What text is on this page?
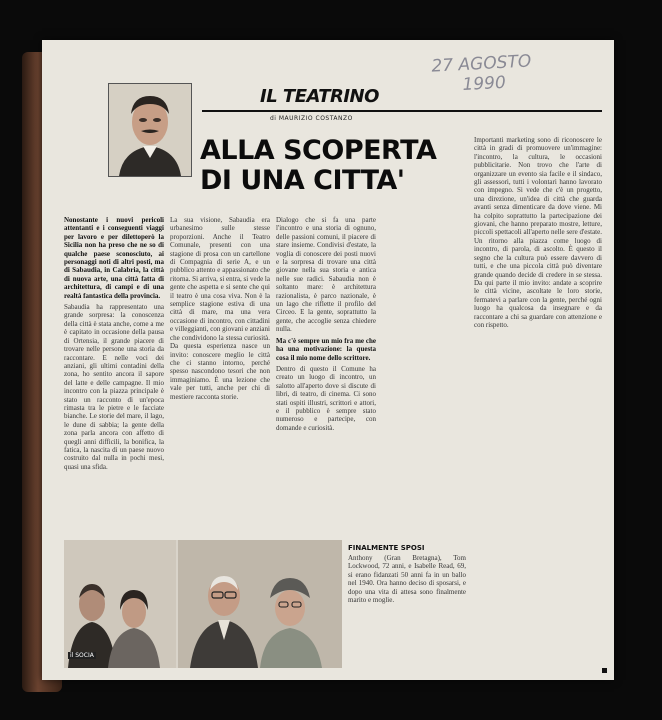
27 AGOSTO
1990
IL TEATRINO
di MAURIZIO COSTANZO
ALLA SCOPERTA
DI UNA CITTA'

Nonostante i nuovi pericoli attentanti e i conseguenti viaggi per lavoro e per dilettoperò la Sicilia non ha preso che ne so di qualche paese sconosciuto, ai personaggi noti di altri posti, ma di Sabaudia, in Calabria, la città di nuova arte, una città fatta di architettura, di campi e di una realtà fantastica della provincia.

Sabaudia ha rappresentato una grande sorpresa: la conoscenza della città è stata anche, come a me è capitato in occasione della pausa di Ortensia, il grande piacere di trovare nelle persone una storia da raccontare. E nelle voci dei anziani, gli ultimi contadini della zona, ho sentito ancora il sapore del latte e delle campagne. Il mio incontro con la piazza principale è stato un racconto di un'epoca rimasta tra le pietre e le facciate bianche. Le storie del mare, il lago, le dune di sabbia; la gente della zona parla ancora con affetto di quegli anni difficili, la bonifica, la fatica, la nascita di un paese nuovo costruito dal nulla in pochi mesi, quasi una sfida.

La sua visione, Sabaudia era urbanesimo sulle stesse proporzioni. Anche il Teatro Comunale, presenti con una stagione di prosa con un cartellone di Compagnia di serie A, e un pubblico attento e appassionato che ritorna. Si arriva, si entra, si vede la gente che aspetta e si sente che qui il teatro è una cosa viva. Non è la semplice stagione estiva di una città di mare, ma una vera occasione di incontro, con cittadini e villeggianti, con giovani e anziani che condividono la stessa curiosità. Da questa esperienza nasce un invito: conoscere meglio le città che ci stanno intorno, perché spesso nascondono tesori che non immaginiamo. È una lezione che vale per tutti, anche per chi di mestiere racconta storie.

Dialogo che si fa una parte l'incontro e una storia di ognuno, delle passioni comuni, il piacere di stare insieme. Condivisi d'estate, la voglia di conoscere dei posti nuovi e la sorpresa di trovare una città giovane nella sua storia e antica nelle sue radici. Sabaudia non è soltanto mare: è architettura razionalista, è parco nazionale, è un lago che riflette il profilo del Circeo. E la gente, soprattutto la gente, che accoglie senza chiedere nulla.

Ma c'è sempre un mio fra me che ha una motivazione: la questa cosa il mio nome dello scrittore.

Dentro di questo il Comune ha creato un luogo di incontro, un salotto all'aperto dove si discute di libri, di teatro, di cinema. Ci sono stati ospiti illustri, scrittori e attori, e il pubblico è sempre stato numeroso e partecipe, con domande e curiosità.

Importanti marketing sono di riconoscere le città in gradi di promuovere un'immagine: l'incontro, la cultura, le occasioni pubblicitarie. Non trovo che l'arte di organizzare un evento sia facile e il sindaco, gli assessori, tutti i volontari hanno lavorato con impegno. Si vede che c'è un progetto, una direzione, un'idea di città che guarda avanti senza dimenticare da dove viene. Mi ha colpito soprattutto la partecipazione dei giovani, che hanno preparato mostre, letture, piccoli spettacoli all'aperto nelle sere d'estate. Un ritorno alla piazza come luogo di incontro, di parola, di ascolto. È questo il segno che la cultura può essere davvero di tutti, e che una piccola città può diventare grande quando decide di credere in se stessa. Da qui parte il mio invito: andate a scoprire le città vicine, ascoltate le loro storie, fermatevi a parlare con la gente, perché ogni luogo ha qualcosa da insegnare e da raccontare a chi sa guardare con attenzione e con rispetto.

il SOCIA
FINALMENTE SPOSI
Anthony (Gran Bretagna), Tom Lockwood, 72 anni, e Isabelle Read, 69, si erano fidanzati 50 anni fa in un ballo nel 1940. Ora hanno deciso di sposarsi, e dopo una vita di attesa sono finalmente marito e moglie.
